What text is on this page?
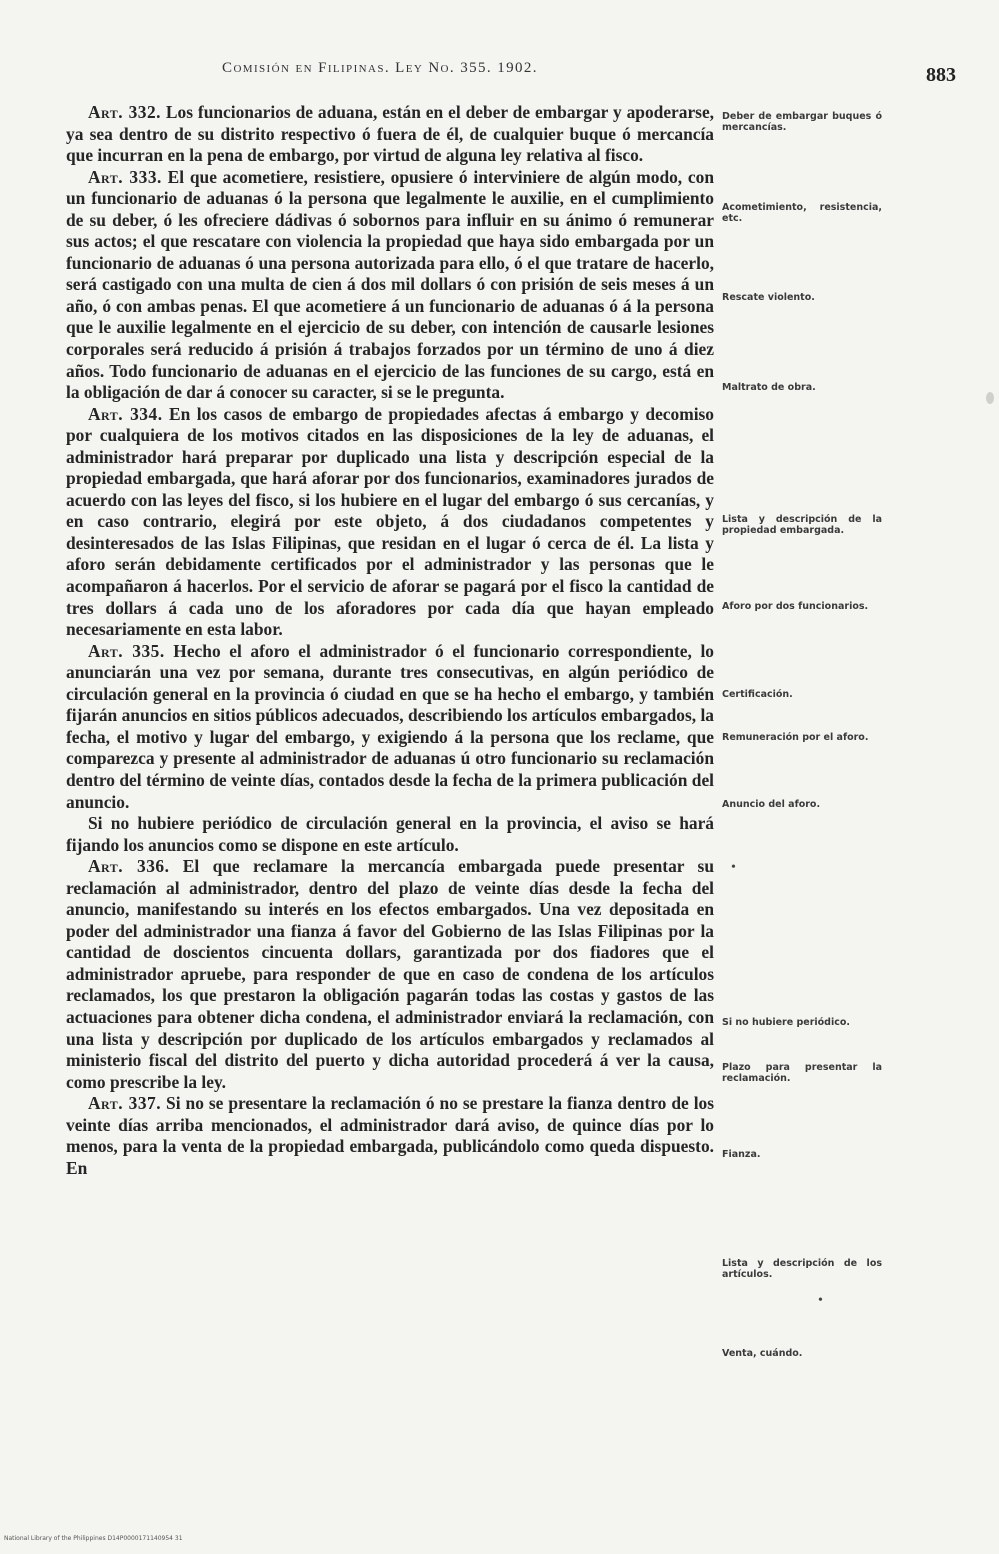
Comisión en Filipinas. Ley No. 355. 1902.	883

Art. 332. Los funcionarios de aduana, están en el deber de embargar y apoderarse, ya sea dentro de su distrito respectivo ó fuera de él, de cualquier buque ó mercancía que incurran en la pena de embargo, por virtud de alguna ley relativa al fisco.

Art. 333. El que acometiere, resistiere, opusiere ó interviniere de algún modo, con un funcionario de aduanas ó la persona que legalmente le auxilie, en el cumplimiento de su deber, ó les ofreciere dádivas ó sobornos para influir en su ánimo ó remunerar sus actos; el que rescatare con violencia la propiedad que haya sido embargada por un funcionario de aduanas ó una persona autorizada para ello, ó el que tratare de hacerlo, será castigado con una multa de cien á dos mil dollars ó con prisión de seis meses á un año, ó con ambas penas. El que acometiere á un funcionario de aduanas ó á la persona que le auxilie legalmente en el ejercicio de su deber, con intención de causarle lesiones corporales será reducido á prisión á trabajos forzados por un término de uno á diez años. Todo funcionario de aduanas en el ejercicio de las funciones de su cargo, está en la obligación de dar á conocer su caracter, si se le pregunta.

Art. 334. En los casos de embargo de propiedades afectas á embargo y decomiso por cualquiera de los motivos citados en las disposiciones de la ley de aduanas, el administrador hará preparar por duplicado una lista y descripción especial de la propiedad embargada, que hará aforar por dos funcionarios, examinadores jurados de acuerdo con las leyes del fisco, si los hubiere en el lugar del embargo ó sus cercanías, y en caso contrario, elegirá por este objeto, á dos ciudadanos competentes y desinteresados de las Islas Filipinas, que residan en el lugar ó cerca de él. La lista y aforo serán debidamente certificados por el administrador y las personas que le acompañaron á hacerlos. Por el servicio de aforar se pagará por el fisco la cantidad de tres dollars á cada uno de los aforadores por cada día que hayan empleado necesariamente en esta labor.

Art. 335. Hecho el aforo el administrador ó el funcionario correspondiente, lo anunciarán una vez por semana, durante tres consecutivas, en algún periódico de circulación general en la provincia ó ciudad en que se ha hecho el embargo, y también fijarán anuncios en sitios públicos adecuados, describiendo los artículos embargados, la fecha, el motivo y lugar del embargo, y exigiendo á la persona que los reclame, que comparezca y presente al administrador de aduanas ú otro funcionario su reclamación dentro del término de veinte días, contados desde la fecha de la primera publicación del anuncio.

Si no hubiere periódico de circulación general en la provincia, el aviso se hará fijando los anuncios como se dispone en este artículo.

Art. 336. El que reclamare la mercancía embargada puede presentar su reclamación al administrador, dentro del plazo de veinte días desde la fecha del anuncio, manifestando su interés en los efectos embargados. Una vez depositada en poder del administrador una fianza á favor del Gobierno de las Islas Filipinas por la cantidad de doscientos cincuenta dollars, garantizada por dos fiadores que el administrador apruebe, para responder de que en caso de condena de los artículos reclamados, los que prestaron la obligación pagarán todas las costas y gastos de las actuaciones para obtener dicha condena, el administrador enviará la reclamación, con una lista y descripción por duplicado de los artículos embargados y reclamados al ministerio fiscal del distrito del puerto y dicha autoridad procederá á ver la causa, como prescribe la ley.

Art. 337. Si no se presentare la reclamación ó no se prestare la fianza dentro de los veinte días arriba mencionados, el administrador dará aviso, de quince días por lo menos, para la venta de la propiedad embargada, publicándolo como queda dispuesto. En

Deber de embargar buques ó mercancías.
Acometimiento, resistencia, etc.
Rescate violento.
Maltrato de obra.
Lista y descripción de la propiedad embargada.
Aforo por dos funcionarios.
Certificación.
Remuneración por el aforo.
Anuncio del aforo.
Si no hubiere periódico.
Plazo para presentar la reclamación.
Fianza.
Lista y descripción de los artículos.
Venta, cuándo.
•
•
National Library of the Philippines D14P0000171140954 31
